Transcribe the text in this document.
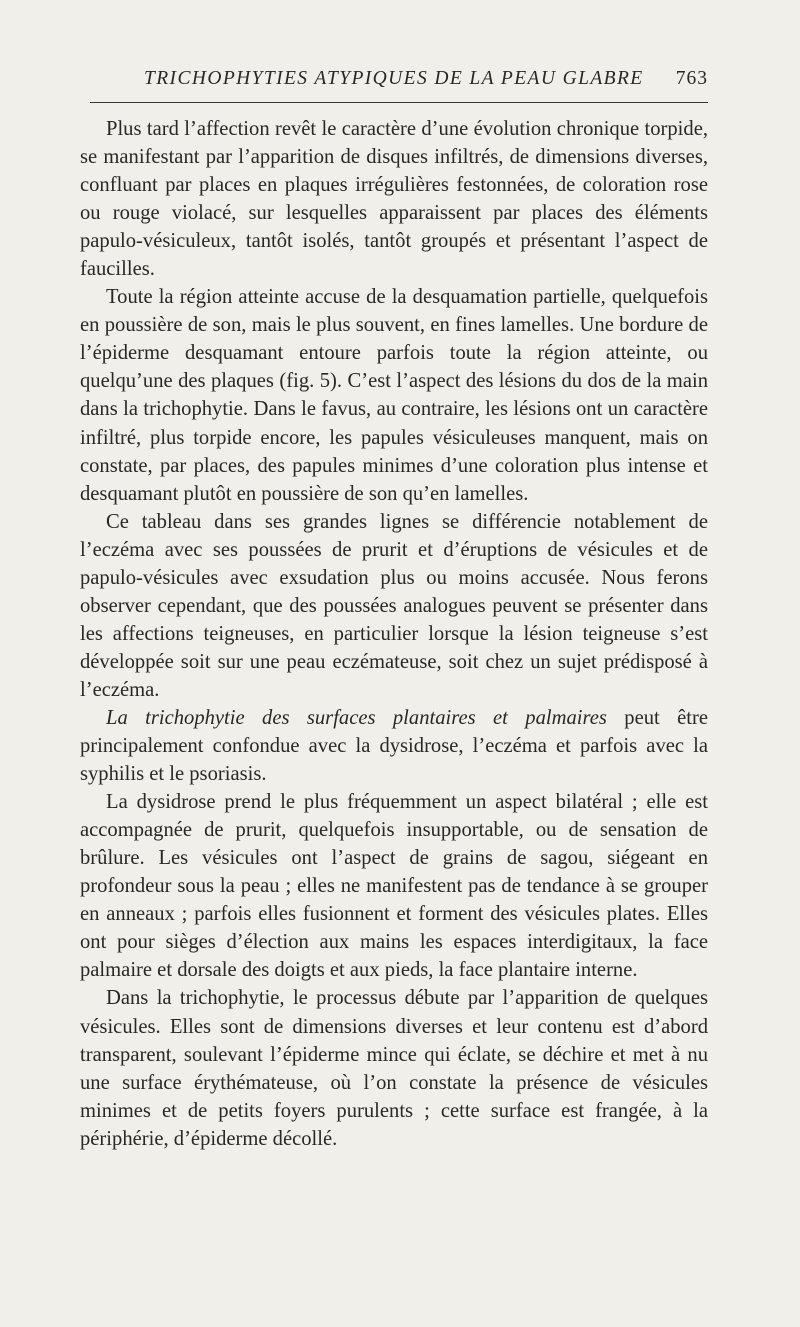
TRICHOPHYTIES ATYPIQUES DE LA PEAU GLABRE 763

Plus tard l’affection revêt le caractère d’une évolution chronique torpide, se manifestant par l’apparition de disques infiltrés, de dimensions diverses, confluant par places en plaques irrégulières festonnées, de coloration rose ou rouge violacé, sur lesquelles apparaissent par places des éléments papulo-vésiculeux, tantôt isolés, tantôt groupés et présentant l’aspect de faucilles.

Toute la région atteinte accuse de la desquamation partielle, quelquefois en poussière de son, mais le plus souvent, en fines lamelles. Une bordure de l’épiderme desquamant entoure parfois toute la région atteinte, ou quelqu’une des plaques (fig. 5). C’est l’aspect des lésions du dos de la main dans la trichophytie. Dans le favus, au contraire, les lésions ont un caractère infiltré, plus torpide encore, les papules vésiculeuses manquent, mais on constate, par places, des papules minimes d’une coloration plus intense et desquamant plutôt en poussière de son qu’en lamelles.

Ce tableau dans ses grandes lignes se différencie notablement de l’eczéma avec ses poussées de prurit et d’éruptions de vésicules et de papulo-vésicules avec exsudation plus ou moins accusée. Nous ferons observer cependant, que des poussées analogues peuvent se présenter dans les affections teigneuses, en particulier lorsque la lésion teigneuse s’est développée soit sur une peau eczémateuse, soit chez un sujet prédisposé à l’eczéma.

La trichophytie des surfaces plantaires et palmaires peut être principalement confondue avec la dysidrose, l’eczéma et parfois avec la syphilis et le psoriasis.

La dysidrose prend le plus fréquemment un aspect bilatéral ; elle est accompagnée de prurit, quelquefois insupportable, ou de sensation de brûlure. Les vésicules ont l’aspect de grains de sagou, siégeant en profondeur sous la peau ; elles ne manifestent pas de tendance à se grouper en anneaux ; parfois elles fusionnent et forment des vésicules plates. Elles ont pour sièges d’élection aux mains les espaces interdigitaux, la face palmaire et dorsale des doigts et aux pieds, la face plantaire interne.

Dans la trichophytie, le processus débute par l’apparition de quelques vésicules. Elles sont de dimensions diverses et leur contenu est d’abord transparent, soulevant l’épiderme mince qui éclate, se déchire et met à nu une surface érythémateuse, où l’on constate la présence de vésicules minimes et de petits foyers purulents ; cette surface est frangée, à la périphérie, d’épiderme décollé.
